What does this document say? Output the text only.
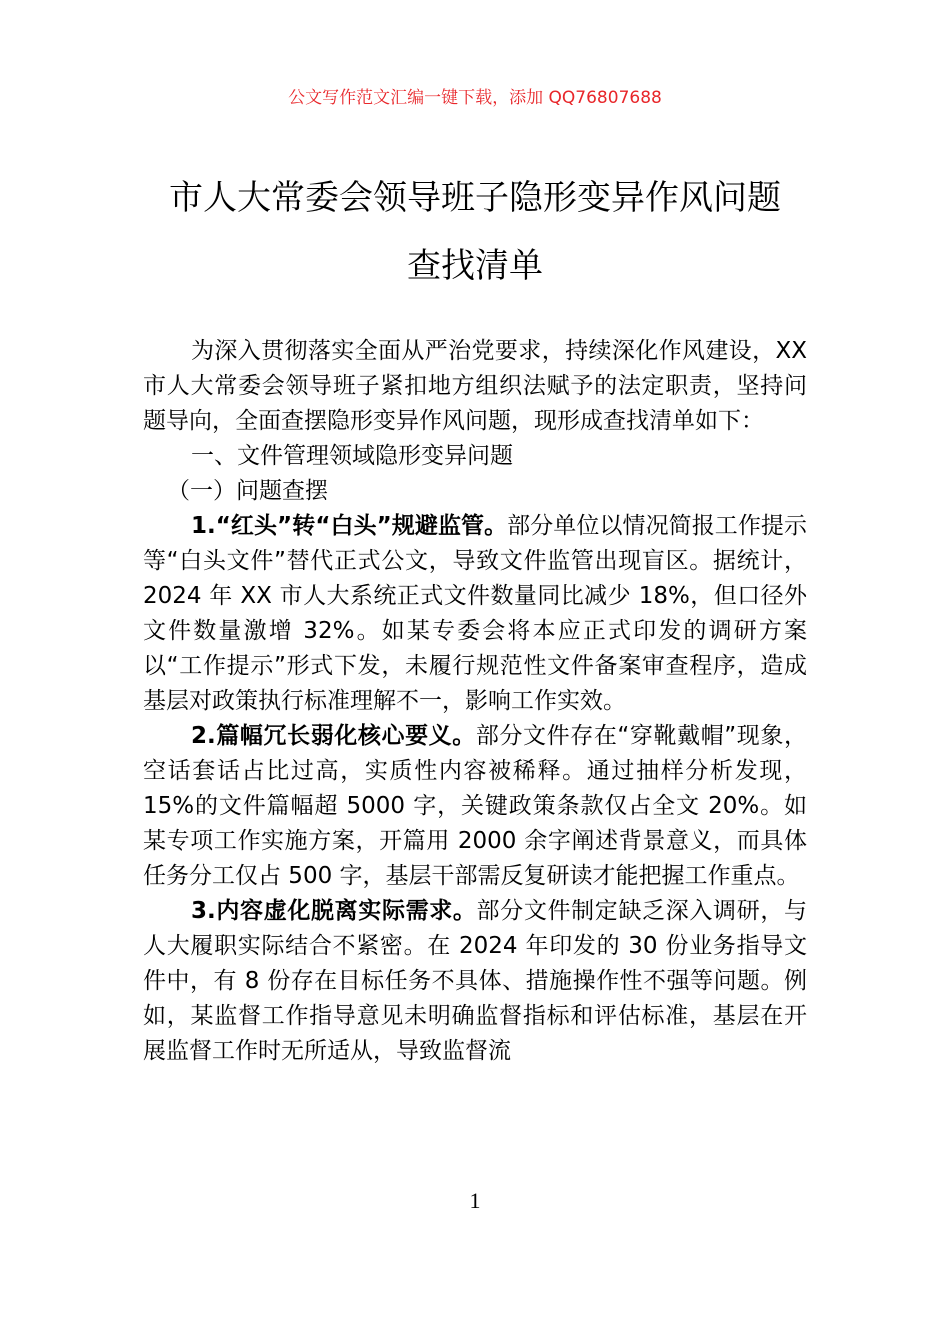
公文写作范文汇编一键下载，添加 QQ76807688
市人大常委会领导班子隐形变异作风问题
查找清单

为深入贯彻落实全面从严治党要求，持续深化作风建设，XX 市人大常委会领导班子紧扣地方组织法赋予的法定职责，坚持问题导向，全面查摆隐形变异作风问题，现形成查找清单如下：

一、文件管理领域隐形变异问题

（一）问题查摆

1.“红头”转“白头”规避监管。部分单位以情况简报工作提示等“白头文件”替代正式公文，导致文件监管出现盲区。据统计，2024 年 XX 市人大系统正式文件数量同比减少 18%，但口径外文件数量激增 32%。如某专委会将本应正式印发的调研方案以“工作提示”形式下发，未履行规范性文件备案审查程序，造成基层对政策执行标准理解不一，影响工作实效。

2.篇幅冗长弱化核心要义。部分文件存在“穿靴戴帽”现象，空话套话占比过高，实质性内容被稀释。通过抽样分析发现，15%的文件篇幅超 5000 字，关键政策条款仅占全文 20%。如某专项工作实施方案，开篇用 2000 余字阐述背景意义，而具体任务分工仅占 500 字，基层干部需反复研读才能把握工作重点。

3.内容虚化脱离实际需求。部分文件制定缺乏深入调研，与人大履职实际结合不紧密。在 2024 年印发的 30 份业务指导文件中，有 8 份存在目标任务不具体、措施操作性不强等问题。例如，某监督工作指导意见未明确监督指标和评估标准，基层在开展监督工作时无所适从，导致监督流

1
